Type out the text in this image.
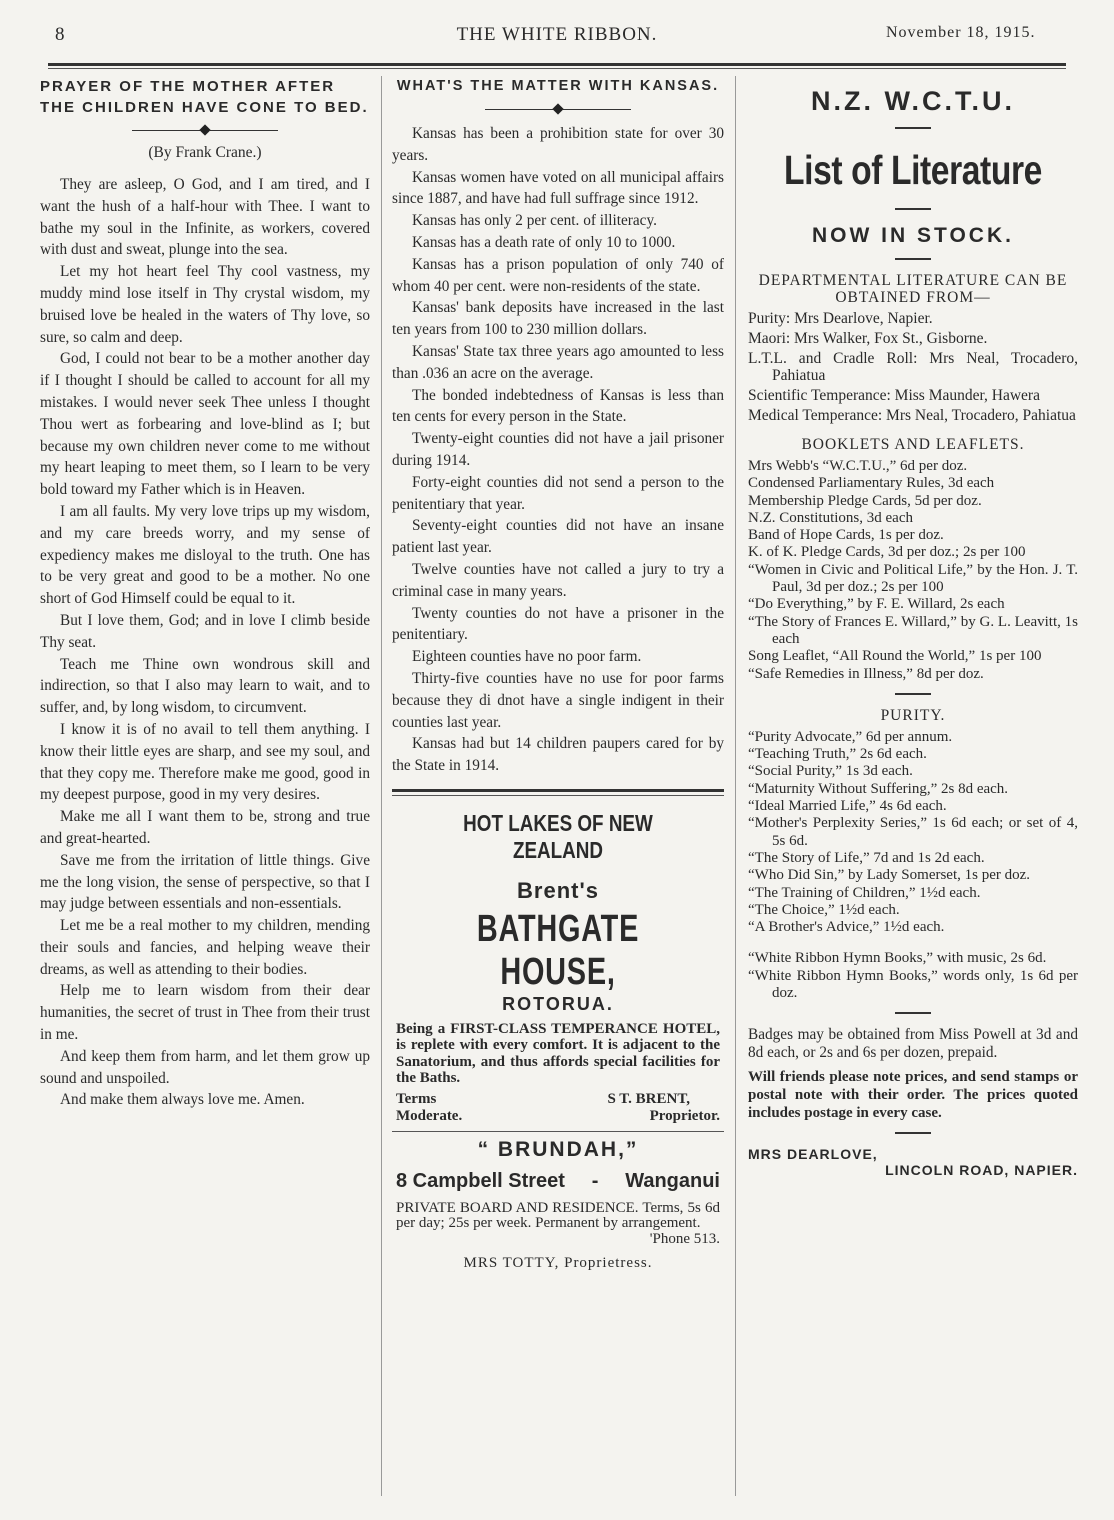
8	THE WHITE RIBBON.	November 18, 1915.
PRAYER OF THE MOTHER AFTER THE CHILDREN HAVE CONE TO BED.
(By Frank Crane.)

They are asleep, O God, and I am tired, and I want the hush of a half-hour with Thee. I want to bathe my soul in the Infinite, as workers, covered with dust and sweat, plunge into the sea.

Let my hot heart feel Thy cool vastness, my muddy mind lose itself in Thy crystal wisdom, my bruised love be healed in the waters of Thy love, so sure, so calm and deep.

God, I could not bear to be a mother another day if I thought I should be called to account for all my mistakes. I would never seek Thee unless I thought Thou wert as forbearing and love-blind as I; but because my own children never come to me without my heart leaping to meet them, so I learn to be very bold toward my Father which is in Heaven.

I am all faults. My very love trips up my wisdom, and my care breeds worry, and my sense of expediency makes me disloyal to the truth. One has to be very great and good to be a mother. No one short of God Himself could be equal to it.

But I love them, God; and in love I climb beside Thy seat.

Teach me Thine own wondrous skill and indirection, so that I also may learn to wait, and to suffer, and, by long wisdom, to circumvent.

I know it is of no avail to tell them anything. I know their little eyes are sharp, and see my soul, and that they copy me. Therefore make me good, good in my deepest purpose, good in my very desires.

Make me all I want them to be, strong and true and great-hearted.

Save me from the irritation of little things. Give me the long vision, the sense of perspective, so that I may judge between essentials and non-essentials.

Let me be a real mother to my children, mending their souls and fancies, and helping weave their dreams, as well as attending to their bodies.

Help me to learn wisdom from their dear humanities, the secret of trust in Thee from their trust in me.

And keep them from harm, and let them grow up sound and unspoiled.

And make them always love me. Amen.

WHAT'S THE MATTER WITH KANSAS.

Kansas has been a prohibition state for over 30 years.

Kansas women have voted on all municipal affairs since 1887, and have had full suffrage since 1912.

Kansas has only 2 per cent. of illiteracy.

Kansas has a death rate of only 10 to 1000.

Kansas has a prison population of only 740 of whom 40 per cent. were non-residents of the state.

Kansas' bank deposits have increased in the last ten years from 100 to 230 million dollars.

Kansas' State tax three years ago amounted to less than .036 an acre on the average.

The bonded indebtedness of Kansas is less than ten cents for every person in the State.

Twenty-eight counties did not have a jail prisoner during 1914.

Forty-eight counties did not send a person to the penitentiary that year.

Seventy-eight counties did not have an insane patient last year.

Twelve counties have not called a jury to try a criminal case in many years.

Twenty counties do not have a prisoner in the penitentiary.

Eighteen counties have no poor farm.

Thirty-five counties have no use for poor farms because they di dnot have a single indigent in their counties last year.

Kansas had but 14 children paupers cared for by the State in 1914.

HOT LAKES OF NEW ZEALAND
Brent's
BATHGATE HOUSE,
ROTORUA.
Being a FIRST-CLASS TEMPERANCE HOTEL, is replete with every comfort. It is adjacent to the Sanatorium, and thus affords special facilities for the Baths.
Terms	S T. BRENT,
Moderate.	Proprietor.
“ BRUNDAH,”
8 Campbell Street - Wanganui
PRIVATE BOARD AND RESIDENCE. Terms, 5s 6d per day; 25s per week. Permanent by arrangement.
'Phone 513.
MRS TOTTY, Proprietress.
N.Z. W.C.T.U.
List of Literature
NOW IN STOCK.
DEPARTMENTAL LITERATURE CAN BE OBTAINED FROM—
Purity: Mrs Dearlove, Napier.
Maori: Mrs Walker, Fox St., Gisborne.
L.T.L. and Cradle Roll: Mrs Neal, Trocadero, Pahiatua
Scientific Temperance: Miss Maunder, Hawera
Medical Temperance: Mrs Neal, Trocadero, Pahiatua
BOOKLETS AND LEAFLETS.
Mrs Webb's “W.C.T.U.,” 6d per doz.
Condensed Parliamentary Rules, 3d each
Membership Pledge Cards, 5d per doz.
N.Z. Constitutions, 3d each
Band of Hope Cards, 1s per doz.
K. of K. Pledge Cards, 3d per doz.; 2s per 100
“Women in Civic and Political Life,” by the Hon. J. T. Paul, 3d per doz.; 2s per 100
“Do Everything,” by F. E. Willard, 2s each
“The Story of Frances E. Willard,” by G. L. Leavitt, 1s each
Song Leaflet, “All Round the World,” 1s per 100
“Safe Remedies in Illness,” 8d per doz.
PURITY.
“Purity Advocate,” 6d per annum.
“Teaching Truth,” 2s 6d each.
“Social Purity,” 1s 3d each.
“Maturnity Without Suffering,” 2s 8d each.
“Ideal Married Life,” 4s 6d each.
“Mother's Perplexity Series,” 1s 6d each; or set of 4, 5s 6d.
“The Story of Life,” 7d and 1s 2d each.
“Who Did Sin,” by Lady Somerset, 1s per doz.
“The Training of Children,” 1½d each.
“The Choice,” 1½d each.
“A Brother's Advice,” 1½d each.
“White Ribbon Hymn Books,” with music, 2s 6d.
“White Ribbon Hymn Books,” words only, 1s 6d per doz.
Badges may be obtained from Miss Powell at 3d and 8d each, or 2s and 6s per dozen, prepaid.
Will friends please note prices, and send stamps or postal note with their order. The prices quoted includes postage in every case.
MRS DEARLOVE,
LINCOLN ROAD, NAPIER.
